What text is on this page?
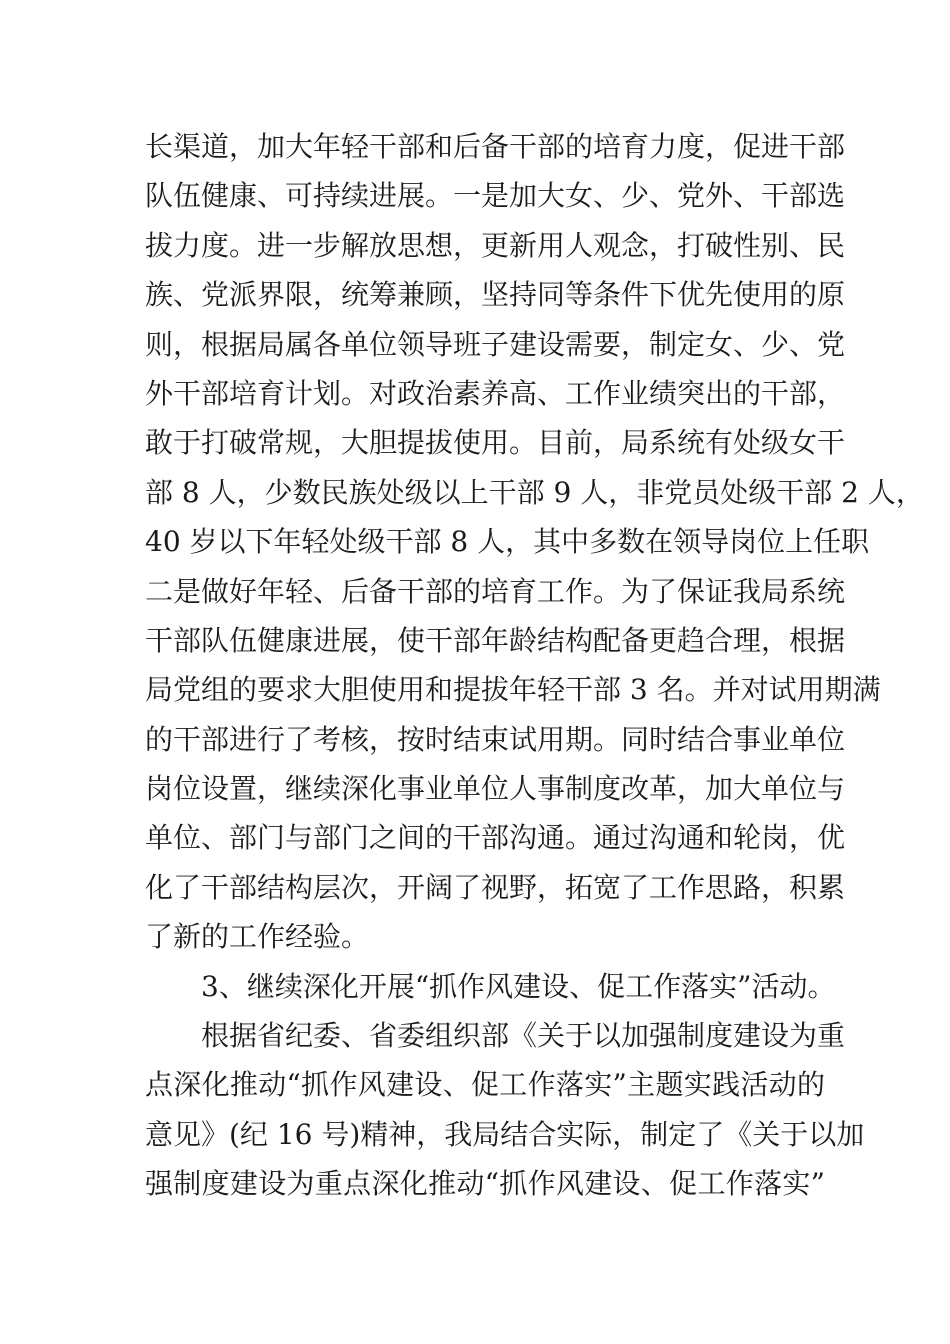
长渠道，加大年轻干部和后备干部的培育力度，促进干部
队伍健康、可持续进展。一是加大女、少、党外、干部选
拔力度。进一步解放思想，更新用人观念，打破性别、民
族、党派界限，统筹兼顾，坚持同等条件下优先使用的原
则，根据局属各单位领导班子建设需要，制定女、少、党
外干部培育计划。对政治素养高、工作业绩突出的干部，
敢于打破常规，大胆提拔使用。目前，局系统有处级女干
部 8 人，少数民族处级以上干部 9 人，非党员处级干部 2 人，
40 岁以下年轻处级干部 8 人，其中多数在领导岗位上任职
二是做好年轻、后备干部的培育工作。为了保证我局系统
干部队伍健康进展，使干部年龄结构配备更趋合理，根据
局党组的要求大胆使用和提拔年轻干部 3 名。并对试用期满
的干部进行了考核，按时结束试用期。同时结合事业单位
岗位设置，继续深化事业单位人事制度改革，加大单位与
单位、部门与部门之间的干部沟通。通过沟通和轮岗，优
化了干部结构层次，开阔了视野，拓宽了工作思路，积累
了新的工作经验。
3、继续深化开展“抓作风建设、促工作落实”活动。
根据省纪委、省委组织部《关于以加强制度建设为重
点深化推动“抓作风建设、促工作落实”主题实践活动的
意见》(纪 16 号)精神，我局结合实际，制定了《关于以加
强制度建设为重点深化推动“抓作风建设、促工作落实”
